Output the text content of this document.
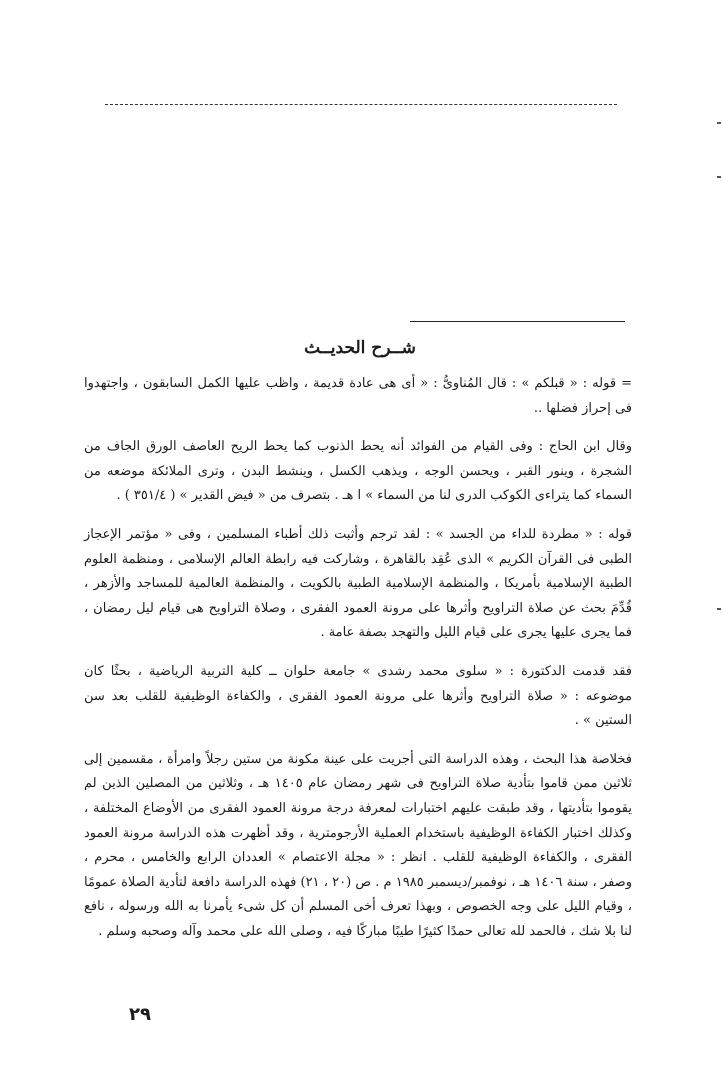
شــرح الحديــث

= قوله : « قبلكم » : قال المُناوىُّ : « أى هى عادة قديمة ، واظب عليها الكمل السابقون ، واجتهدوا فى إحراز فضلها ..

وقال ابن الحاج : وفى القيام من الفوائد أنه يحط الذنوب كما يحط الريح العاصف الورق الجاف من الشجرة ، وينور القبر ، ويحسن الوجه ، ويذهب الكسل ، وينشط البدن ، وترى الملائكة موضعه من السماء كما يتراءى الكوكب الدرى لنا من السماء » ا هـ . بتصرف من « فيض القدير » ( ٣٥١/٤ ) .

قوله : « مطردة للداء من الجسد » : لقد ترجم وأثبت ذلك أطباء المسلمين ، وفى « مؤتمر الإعجاز الطبى فى القرآن الكريم » الذى عُقِد بالقاهرة ، وشاركت فيه رابطة العالم الإسلامى ، ومنظمة العلوم الطبية الإسلامية بأمريكا ، والمنظمة الإسلامية الطبية بالكويت ، والمنظمة العالمية للمساجد والأزهر ، قُدِّمَ بحث عن صلاة التراويح وأثرها على مرونة العمود الفقرى ، وصلاة التراويح هى قيام ليل رمضان ، فما يجرى عليها يجرى على قيام الليل والتهجد بصفة عامة .

فقد قدمت الدكتورة : « سلوى محمد رشدى » جامعة حلوان ــ كلية التربية الرياضية ، بحثًا كان موضوعه : « صلاة التراويح وأثرها على مرونة العمود الفقرى ، والكفاءة الوظيفية للقلب بعد سن الستين » .

فخلاصة هذا البحث ، وهذه الدراسة التى أجريت على عينة مكونة من ستين رجلاً وامرأة ، مقسمين إلى ثلاثين ممن قاموا بتأدية صلاة التراويح فى شهر رمضان عام ١٤٠٥ هـ ، وثلاثين من المصلين الذين لم يقوموا بتأديتها ، وقد طبقت عليهم اختبارات لمعرفة درجة مرونة العمود الفقرى من الأوضاع المختلفة ، وكذلك اختبار الكفاءة الوظيفية باستخدام العملية الأرجومترية ، وقد أظهرت هذه الدراسة مرونة العمود الفقرى ، والكفاءة الوظيفية للقلب . انظر : « مجلة الاعتصام » العددان الرابع والخامس ، محرم ، وصفر ، سنة ١٤٠٦ هـ ، نوفمبر/ديسمبر ١٩٨٥ م . ص (٢٠ ، ٢١) فهذه الدراسة دافعة لتأدية الصلاة عمومًا ، وقيام الليل على وجه الخصوص ، وبهذا تعرف أخى المسلم أن كل شىء يأمرنا به الله ورسوله ، نافع لنا بلا شك ، فالحمد لله تعالى حمدًا كثيرًا طيبًا مباركًا فيه ، وصلى الله على محمد وآله وصحبه وسلم .

٢٩
